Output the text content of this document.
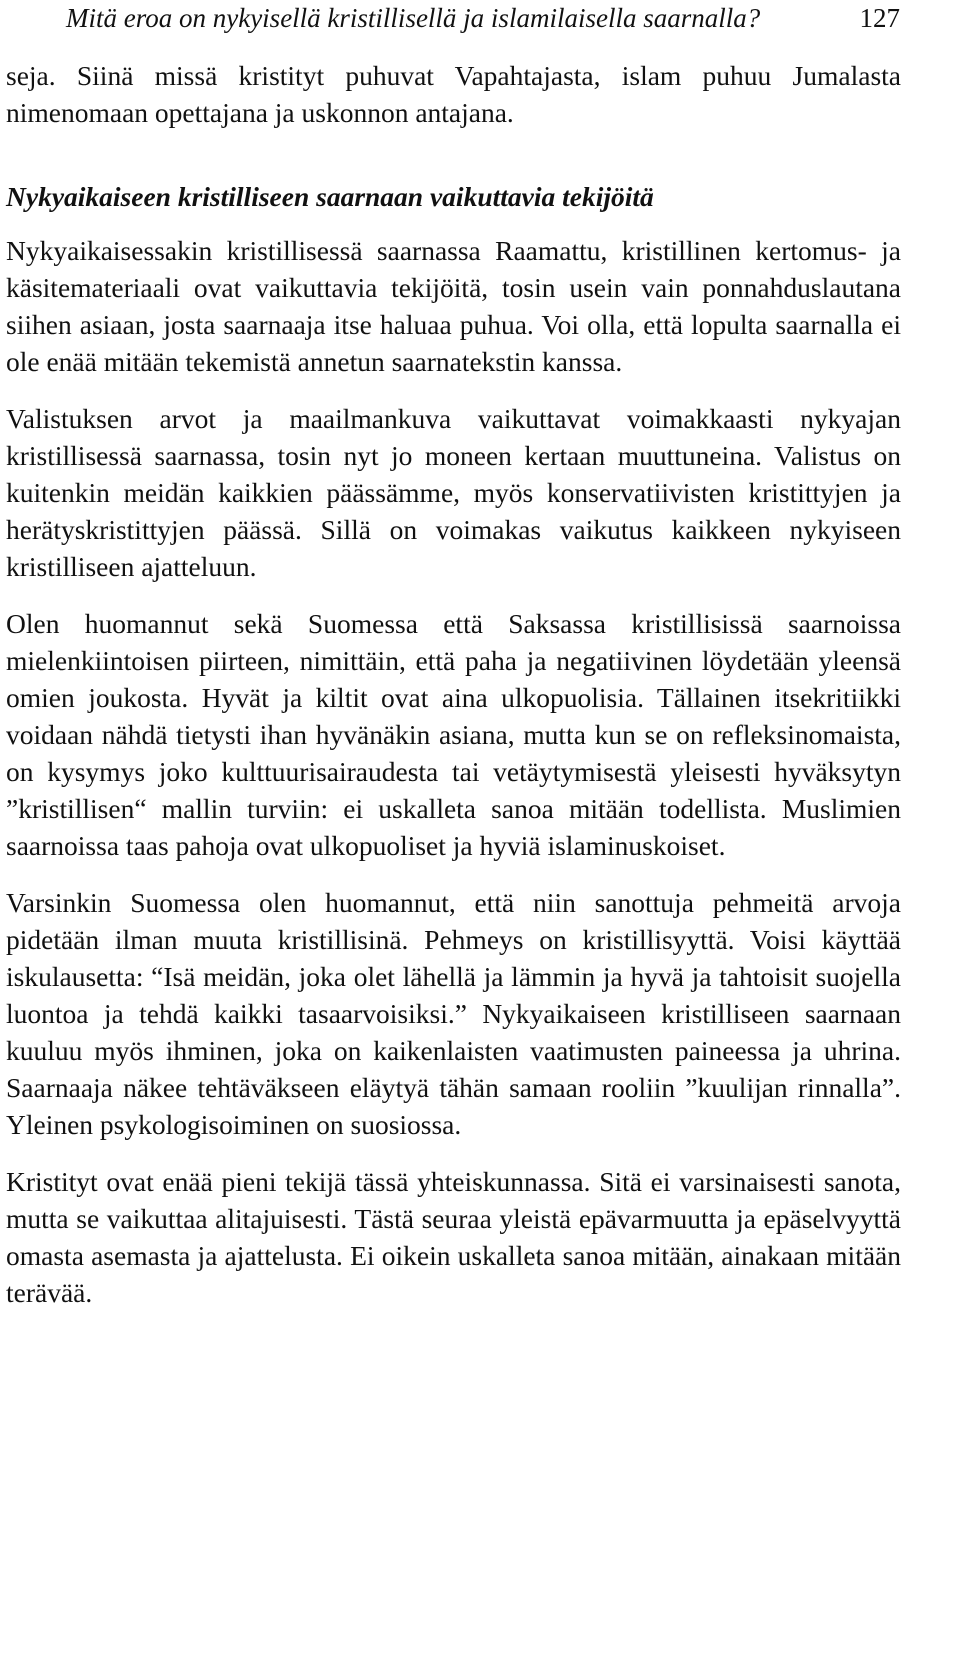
Mitä eroa on nykyisellä kristillisellä ja islamilaisella saarnalla?	127

seja. Siinä missä kristityt puhuvat Vapahtajasta, islam puhuu Jumalasta nimenomaan opettajana ja uskonnon antajana.

Nykyaikaiseen kristilliseen saarnaan vaikuttavia tekijöitä

Nykyaikaisessakin kristillisessä saarnassa Raamattu, kristillinen kertomus- ja käsitemateriaali ovat vaikuttavia tekijöitä, tosin usein vain ponnahduslautana siihen asiaan, josta saarnaaja itse haluaa puhua. Voi olla, että lopulta saarnalla ei ole enää mitään tekemistä annetun saarnatekstin kanssa.

Valistuksen arvot ja maailmankuva vaikuttavat voimakkaasti nykyajan kristillisessä saarnassa, tosin nyt jo moneen kertaan muuttuneina. Valistus on kuitenkin meidän kaikkien päässämme, myös konservatiivisten kristittyjen ja herätyskristittyjen päässä. Sillä on voimakas vaikutus kaikkeen nykyiseen kristilliseen ajatteluun.

Olen huomannut sekä Suomessa että Saksassa kristillisissä saarnoissa mielenkiintoisen piirteen, nimittäin, että paha ja negatiivinen löydetään yleensä omien joukosta. Hyvät ja kiltit ovat aina ulkopuolisia. Tällainen itsekritiikki voidaan nähdä tietysti ihan hyvänäkin asiana, mutta kun se on refleksinomaista, on kysymys joko kulttuurisairaudesta tai vetäytymisestä yleisesti hyväksytyn ”kristillisen“ mallin turviin: ei uskalleta sanoa mitään todellista. Muslimien saarnoissa taas pahoja ovat ulkopuoliset ja hyviä islaminuskoiset.

Varsinkin Suomessa olen huomannut, että niin sanottuja pehmeitä arvoja pidetään ilman muuta kristillisinä. Pehmeys on kristillisyyttä. Voisi käyttää iskulausetta: “Isä meidän, joka olet lähellä ja lämmin ja hyvä ja tahtoisit suojella luontoa ja tehdä kaikki tasaarvoisiksi.” Nykyaikaiseen kristilliseen saarnaan kuuluu myös ihminen, joka on kaikenlaisten vaatimusten paineessa ja uhrina. Saarnaaja näkee tehtäväkseen eläytyä tähän samaan rooliin ”kuulijan rinnalla”. Yleinen psykologisoiminen on suosiossa.

Kristityt ovat enää pieni tekijä tässä yhteiskunnassa. Sitä ei varsinaisesti sanota, mutta se vaikuttaa alitajuisesti. Tästä seuraa yleistä epävarmuutta ja epäselvyyttä omasta asemasta ja ajattelusta. Ei oikein uskalleta sanoa mitään, ainakaan mitään terävää.
